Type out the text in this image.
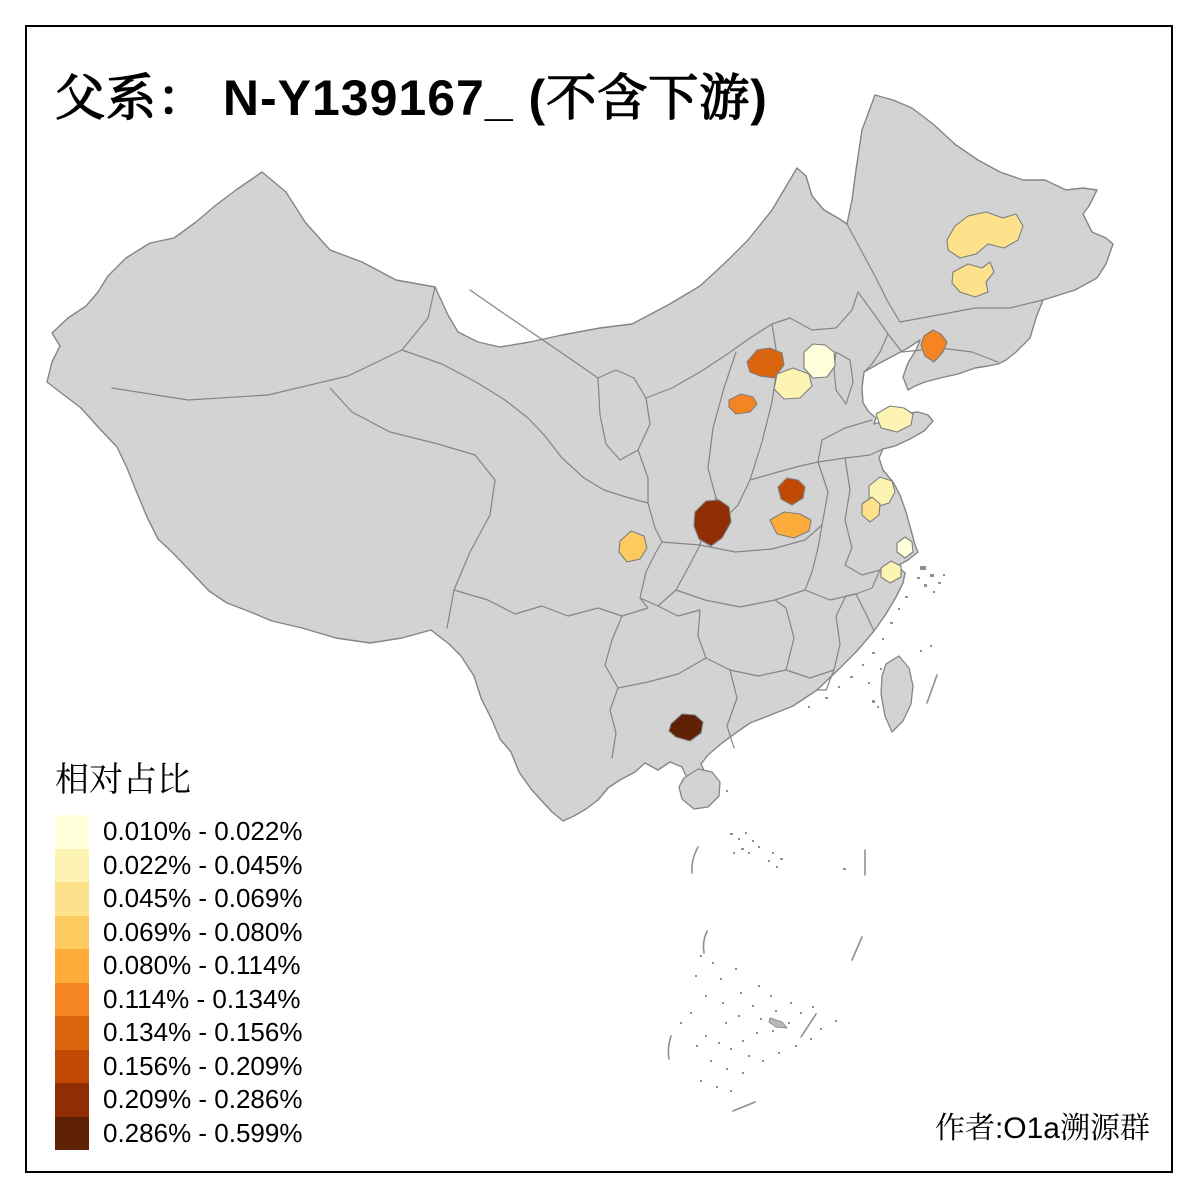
父系： N-Y139167_ (不含下游)
相对占比
0.010% - 0.022%
0.022% - 0.045%
0.045% - 0.069%
0.069% - 0.080%
0.080% - 0.114%
0.114% - 0.134%
0.134% - 0.156%
0.156% - 0.209%
0.209% - 0.286%
0.286% - 0.599%	作者:O1a溯源群
